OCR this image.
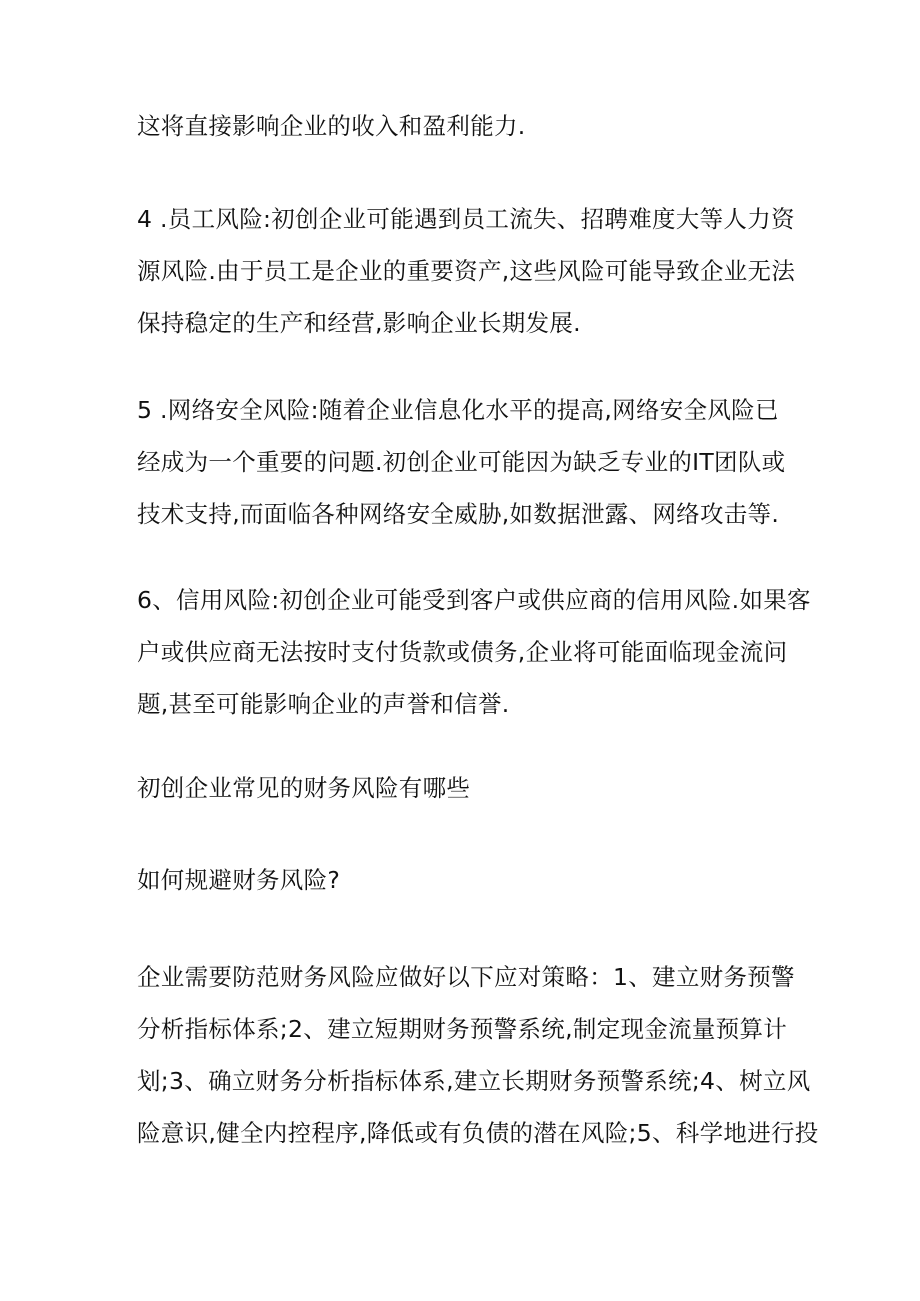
这将直接影响企业的收入和盈利能力.

4 .员工风险:初创企业可能遇到员工流失、招聘难度大等人力资
源风险.由于员工是企业的重要资产,这些风险可能导致企业无法
保持稳定的生产和经营,影响企业长期发展.

5 .网络安全风险:随着企业信息化水平的提高,网络安全风险已
经成为一个重要的问题.初创企业可能因为缺乏专业的IT团队或
技术支持,而面临各种网络安全威胁,如数据泄露、网络攻击等.

6、信用风险:初创企业可能受到客户或供应商的信用风险.如果客
户或供应商无法按时支付货款或债务,企业将可能面临现金流问
题,甚至可能影响企业的声誉和信誉.

初创企业常见的财务风险有哪些

如何规避财务风险?

企业需要防范财务风险应做好以下应对策略：1、建立财务预警
分析指标体系;2、建立短期财务预警系统,制定现金流量预算计
划;3、确立财务分析指标体系,建立长期财务预警系统;4、树立风
险意识,健全内控程序,降低或有负债的潜在风险;5、科学地进行投
